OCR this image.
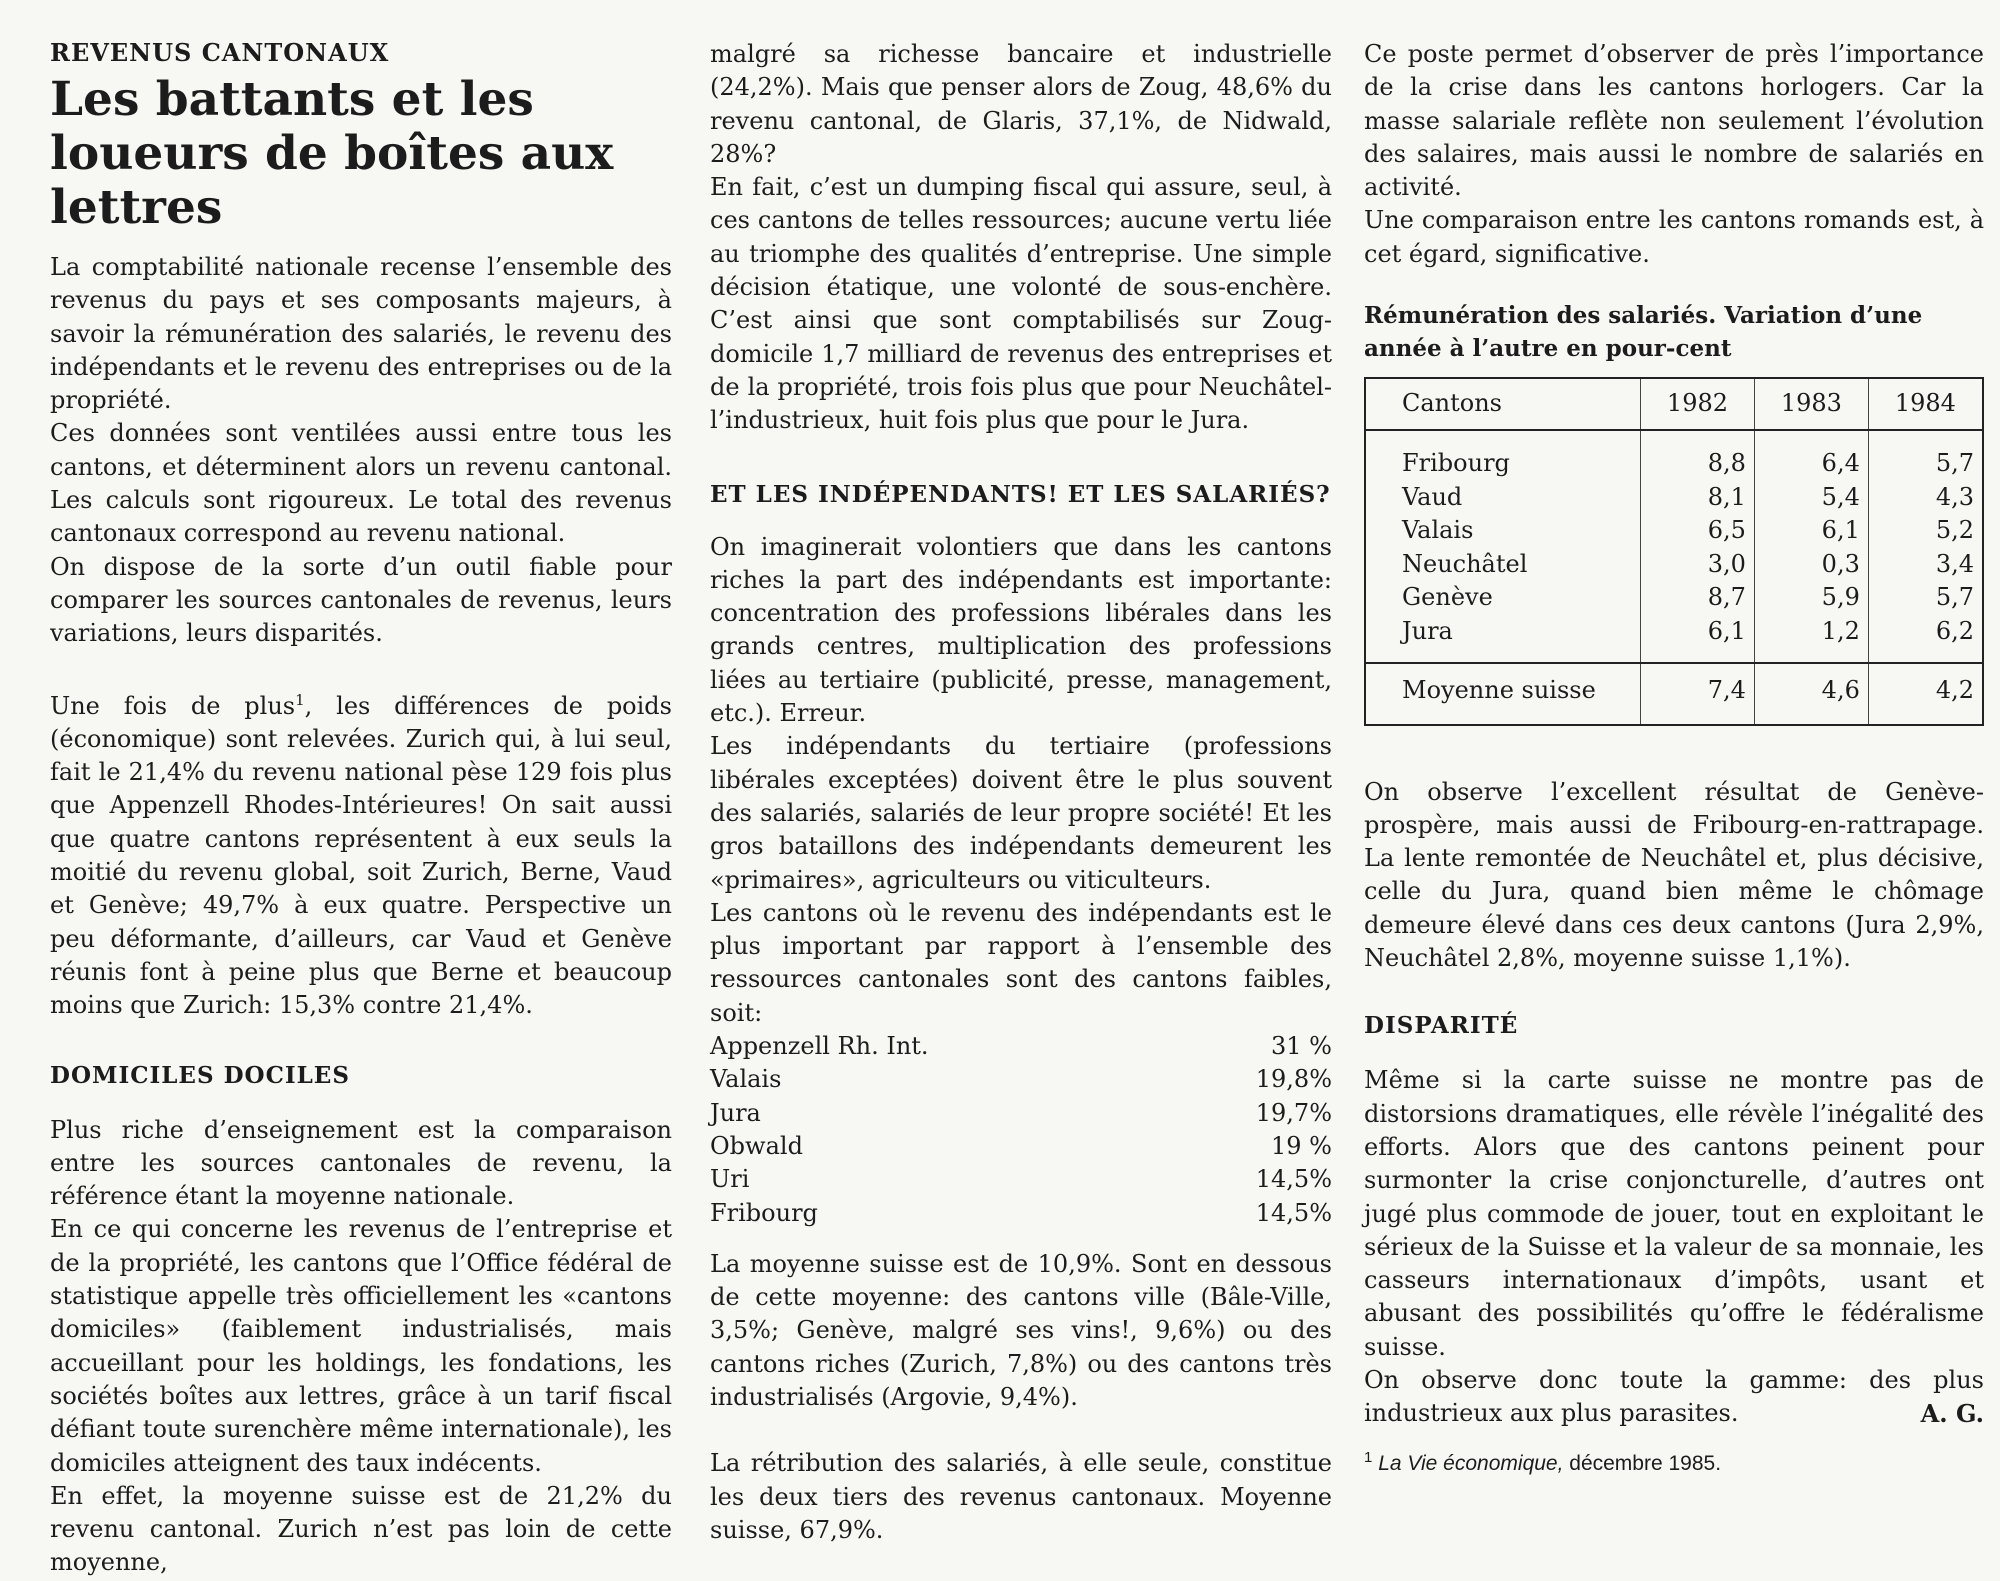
REVENUS CANTONAUX
Les battants et les loueurs de boîtes aux lettres

La comptabilité nationale recense l’ensemble des revenus du pays et ses composants majeurs, à savoir la rémunération des salariés, le revenu des indépendants et le revenu des entreprises ou de la propriété.

Ces données sont ventilées aussi entre tous les cantons, et déterminent alors un revenu cantonal. Les calculs sont rigoureux. Le total des revenus cantonaux correspond au revenu national.

On dispose de la sorte d’un outil fiable pour comparer les sources cantonales de revenus, leurs variations, leurs disparités.

Une fois de plus$^1$, les différences de poids (économique) sont relevées. Zurich qui, à lui seul, fait le 21,4% du revenu national pèse 129 fois plus que Appenzell Rhodes-Intérieures! On sait aussi que quatre cantons représentent à eux seuls la moitié du revenu global, soit Zurich, Berne, Vaud et Genève; 49,7% à eux quatre. Perspective un peu déformante, d’ailleurs, car Vaud et Genève réunis font à peine plus que Berne et beaucoup moins que Zurich: 15,3% contre 21,4%.

DOMICILES DOCILES

Plus riche d’enseignement est la comparaison entre les sources cantonales de revenu, la référence étant la moyenne nationale.

En ce qui concerne les revenus de l’entreprise et de la propriété, les cantons que l’Office fédéral de statistique appelle très officiellement les «cantons domiciles» (faiblement industrialisés, mais accueillant pour les holdings, les fondations, les sociétés boîtes aux lettres, grâce à un tarif fiscal défiant toute surenchère même internationale), les domiciles atteignent des taux indécents.

En effet, la moyenne suisse est de 21,2% du revenu cantonal. Zurich n’est pas loin de cette moyenne,

malgré sa richesse bancaire et industrielle (24,2%). Mais que penser alors de Zoug, 48,6% du revenu cantonal, de Glaris, 37,1%, de Nidwald, 28%?

En fait, c’est un dumping fiscal qui assure, seul, à ces cantons de telles ressources; aucune vertu liée au triomphe des qualités d’entreprise. Une simple décision étatique, une volonté de sous-enchère. C’est ainsi que sont comptabilisés sur Zoug-domicile 1,7 milliard de revenus des entreprises et de la propriété, trois fois plus que pour Neuchâtel-l’industrieux, huit fois plus que pour le Jura.

ET LES INDÉPENDANTS! ET LES SALARIÉS?

On imaginerait volontiers que dans les cantons riches la part des indépendants est importante: concentration des professions libérales dans les grands centres, multiplication des professions liées au tertiaire (publicité, presse, management, etc.). Erreur.

Les indépendants du tertiaire (professions libérales exceptées) doivent être le plus souvent des salariés, salariés de leur propre société! Et les gros bataillons des indépendants demeurent les «primaires», agriculteurs ou viticulteurs.

Les cantons où le revenu des indépendants est le plus important par rapport à l’ensemble des ressources cantonales sont des cantons faibles, soit:

Appenzell Rh. Int.	31 %
Valais	19,8%
Jura	19,7%
Obwald	19 %
Uri	14,5%
Fribourg	14,5%

La moyenne suisse est de 10,9%. Sont en dessous de cette moyenne: des cantons ville (Bâle-Ville, 3,5%; Genève, malgré ses vins!, 9,6%) ou des cantons riches (Zurich, 7,8%) ou des cantons très industrialisés (Argovie, 9,4%).

La rétribution des salariés, à elle seule, constitue les deux tiers des revenus cantonaux. Moyenne suisse, 67,9%.

Ce poste permet d’observer de près l’importance de la crise dans les cantons horlogers. Car la masse salariale reflète non seulement l’évolution des salaires, mais aussi le nombre de salariés en activité.

Une comparaison entre les cantons romands est, à cet égard, significative.

Rémunération des salariés. Variation d’une année à l’autre en pour-cent
Cantons	1982	1983	1984
Fribourg	8,8	6,4	5,7
Vaud	8,1	5,4	4,3
Valais	6,5	6,1	5,2
Neuchâtel	3,0	0,3	3,4
Genève	8,7	5,9	5,7
Jura	6,1	1,2	6,2
Moyenne suisse	7,4	4,6	4,2

On observe l’excellent résultat de Genève-prospère, mais aussi de Fribourg-en-rattrapage. La lente remontée de Neuchâtel et, plus décisive, celle du Jura, quand bien même le chômage demeure élevé dans ces deux cantons (Jura 2,9%, Neuchâtel 2,8%, moyenne suisse 1,1%).

DISPARITÉ

Même si la carte suisse ne montre pas de distorsions dramatiques, elle révèle l’inégalité des efforts. Alors que des cantons peinent pour surmonter la crise conjoncturelle, d’autres ont jugé plus commode de jouer, tout en exploitant le sérieux de la Suisse et la valeur de sa monnaie, les casseurs internationaux d’impôts, usant et abusant des possibilités qu’offre le fédéralisme suisse.

On observe donc toute la gamme: des plus industrieux aux plus parasites.	A. G.

$^1$ La Vie économique, décembre 1985.
